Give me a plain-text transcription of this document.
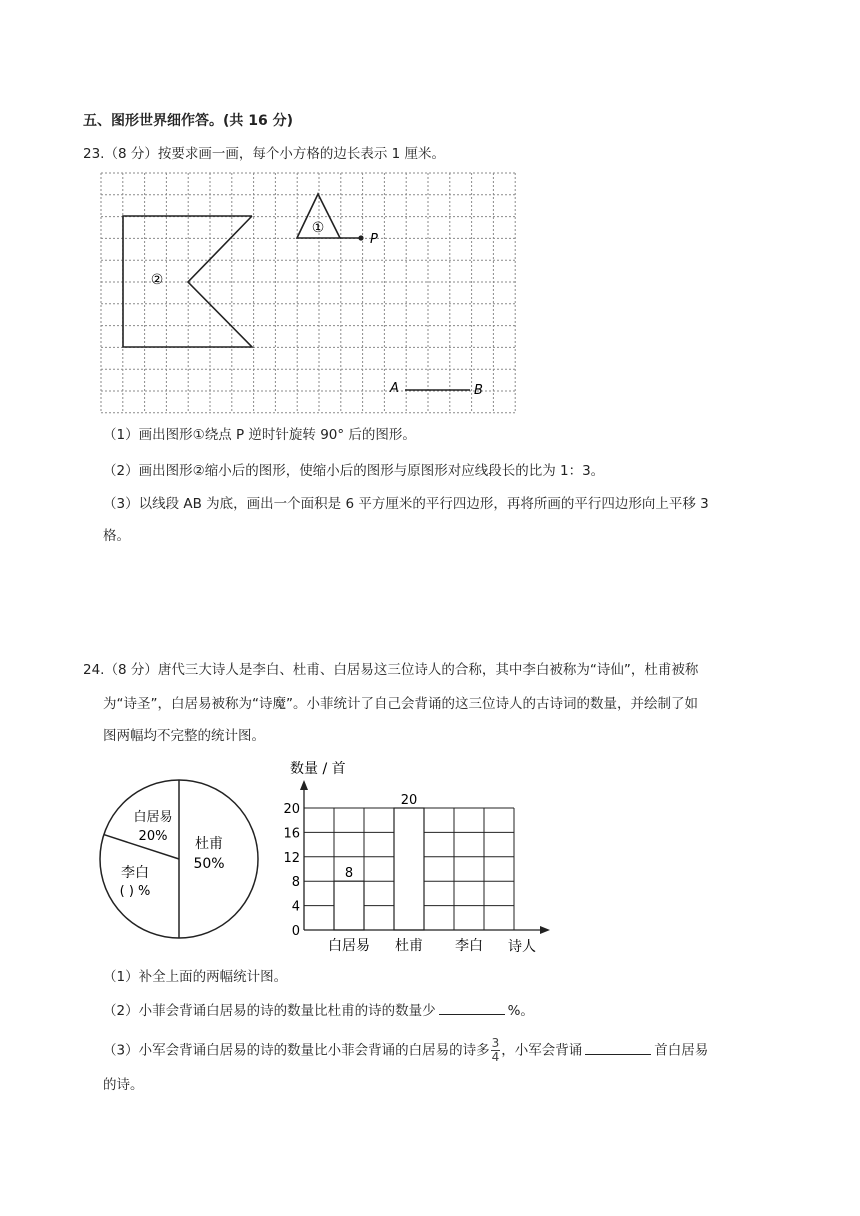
五、图形世界细作答。(共 16 分)
23.（8 分）按要求画一画，每个小方格的边长表示 1 厘米。
①
②
P
A	B
（1）画出图形①绕点 P 逆时针旋转 90° 后的图形。
（2）画出图形②缩小后的图形，使缩小后的图形与原图形对应线段长的比为 1：3。
（3）以线段 AB 为底，画出一个面积是 6 平方厘米的平行四边形，再将所画的平行四边形向上平移 3
格。
24.（8 分）唐代三大诗人是李白、杜甫、白居易这三位诗人的合称，其中李白被称为“诗仙”，杜甫被称
为“诗圣”，白居易被称为“诗魔”。小菲统计了自己会背诵的这三位诗人的古诗词的数量，并绘制了如
图两幅均不完整的统计图。
白居易
20% 杜甫
50%
李白
( ) %
数量 / 首
8
20
0
4
8
12
16
20
白居易 杜甫 李白 诗人
（1）补全上面的两幅统计图。
（2）小菲会背诵白居易的诗的数量比杜甫的诗的数量少	%。
（3）小军会背诵白居易的诗的数量比小菲会背诵的白居易的诗多 $\frac{3}{4}$ ，小军会背诵	首白居易
的诗。
